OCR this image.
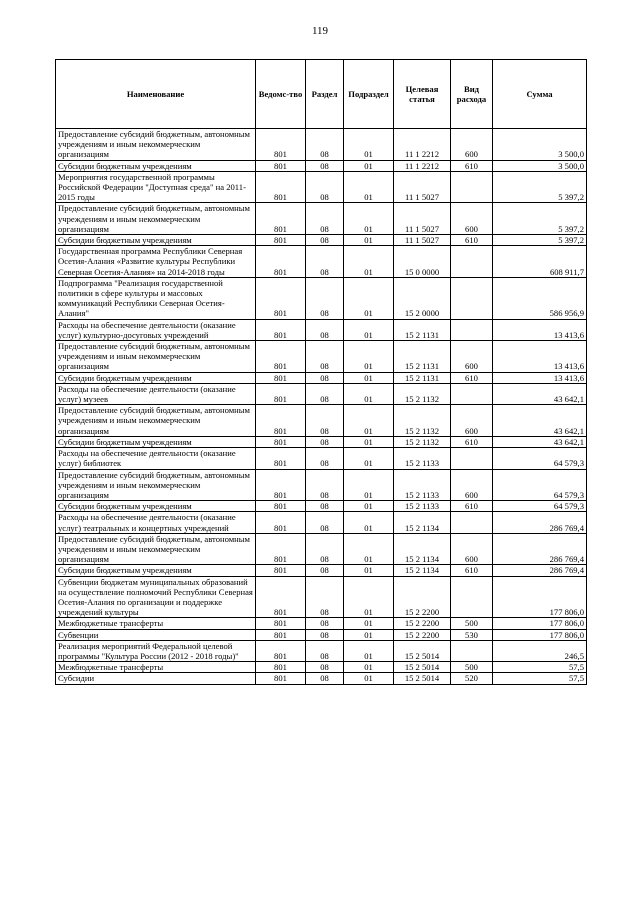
119
Наименование	Ведомс-тво	Раздел	Подраздел	Целевая статья	Вид расхода	Сумма
Предоставление субсидий бюджетным, автономным учреждениям и иным некоммерческим организациям	801	08	01	11 1 2212	600	3 500,0
Субсидии бюджетным учреждениям	801	08	01	11 1 2212	610	3 500,0
Мероприятия государственной программы Российской Федерации "Доступная среда" на 2011-2015 годы	801	08	01	11 1 5027		5 397,2
Предоставление субсидий бюджетным, автономным учреждениям и иным некоммерческим организациям	801	08	01	11 1 5027	600	5 397,2
Субсидии бюджетным учреждениям	801	08	01	11 1 5027	610	5 397,2
Государственная программа Республики Северная Осетия-Алания «Развитие культуры Республики Северная Осетия-Алания» на 2014-2018 годы	801	08	01	15 0 0000		608 911,7
Подпрограмма "Реализация государственной политики в сфере культуры и массовых коммуникаций Республики Северная Осетия-Алания"	801	08	01	15 2 0000		586 956,9
Расходы на обеспечение деятельности (оказание услуг) культурно-досуговых учреждений	801	08	01	15 2 1131		13 413,6
Предоставление субсидий бюджетным, автономным учреждениям и иным некоммерческим организациям	801	08	01	15 2 1131	600	13 413,6
Субсидии бюджетным учреждениям	801	08	01	15 2 1131	610	13 413,6
Расходы на обеспечение деятельности (оказание услуг) музеев	801	08	01	15 2 1132		43 642,1
Предоставление субсидий бюджетным, автономным учреждениям и иным некоммерческим организациям	801	08	01	15 2 1132	600	43 642,1
Субсидии бюджетным учреждениям	801	08	01	15 2 1132	610	43 642,1
Расходы на обеспечение деятельности (оказание услуг) библиотек	801	08	01	15 2 1133		64 579,3
Предоставление субсидий бюджетным, автономным учреждениям и иным некоммерческим организациям	801	08	01	15 2 1133	600	64 579,3
Субсидии бюджетным учреждениям	801	08	01	15 2 1133	610	64 579,3
Расходы на обеспечение деятельности (оказание услуг) театральных и концертных учреждений	801	08	01	15 2 1134		286 769,4
Предоставление субсидий бюджетным, автономным учреждениям и иным некоммерческим организациям	801	08	01	15 2 1134	600	286 769,4
Субсидии бюджетным учреждениям	801	08	01	15 2 1134	610	286 769,4
Субвенции бюджетам муниципальных образований на осуществление полномочий Республики Северная Осетия-Алания по организации и поддержке учреждений культуры	801	08	01	15 2 2200		177 806,0
Межбюджетные трансферты	801	08	01	15 2 2200	500	177 806,0
Субвенции	801	08	01	15 2 2200	530	177 806,0
Реализация мероприятий Федеральной целевой программы "Культура России (2012 - 2018 годы)"	801	08	01	15 2 5014		246,5
Межбюджетные трансферты	801	08	01	15 2 5014	500	57,5
Субсидии	801	08	01	15 2 5014	520	57,5
